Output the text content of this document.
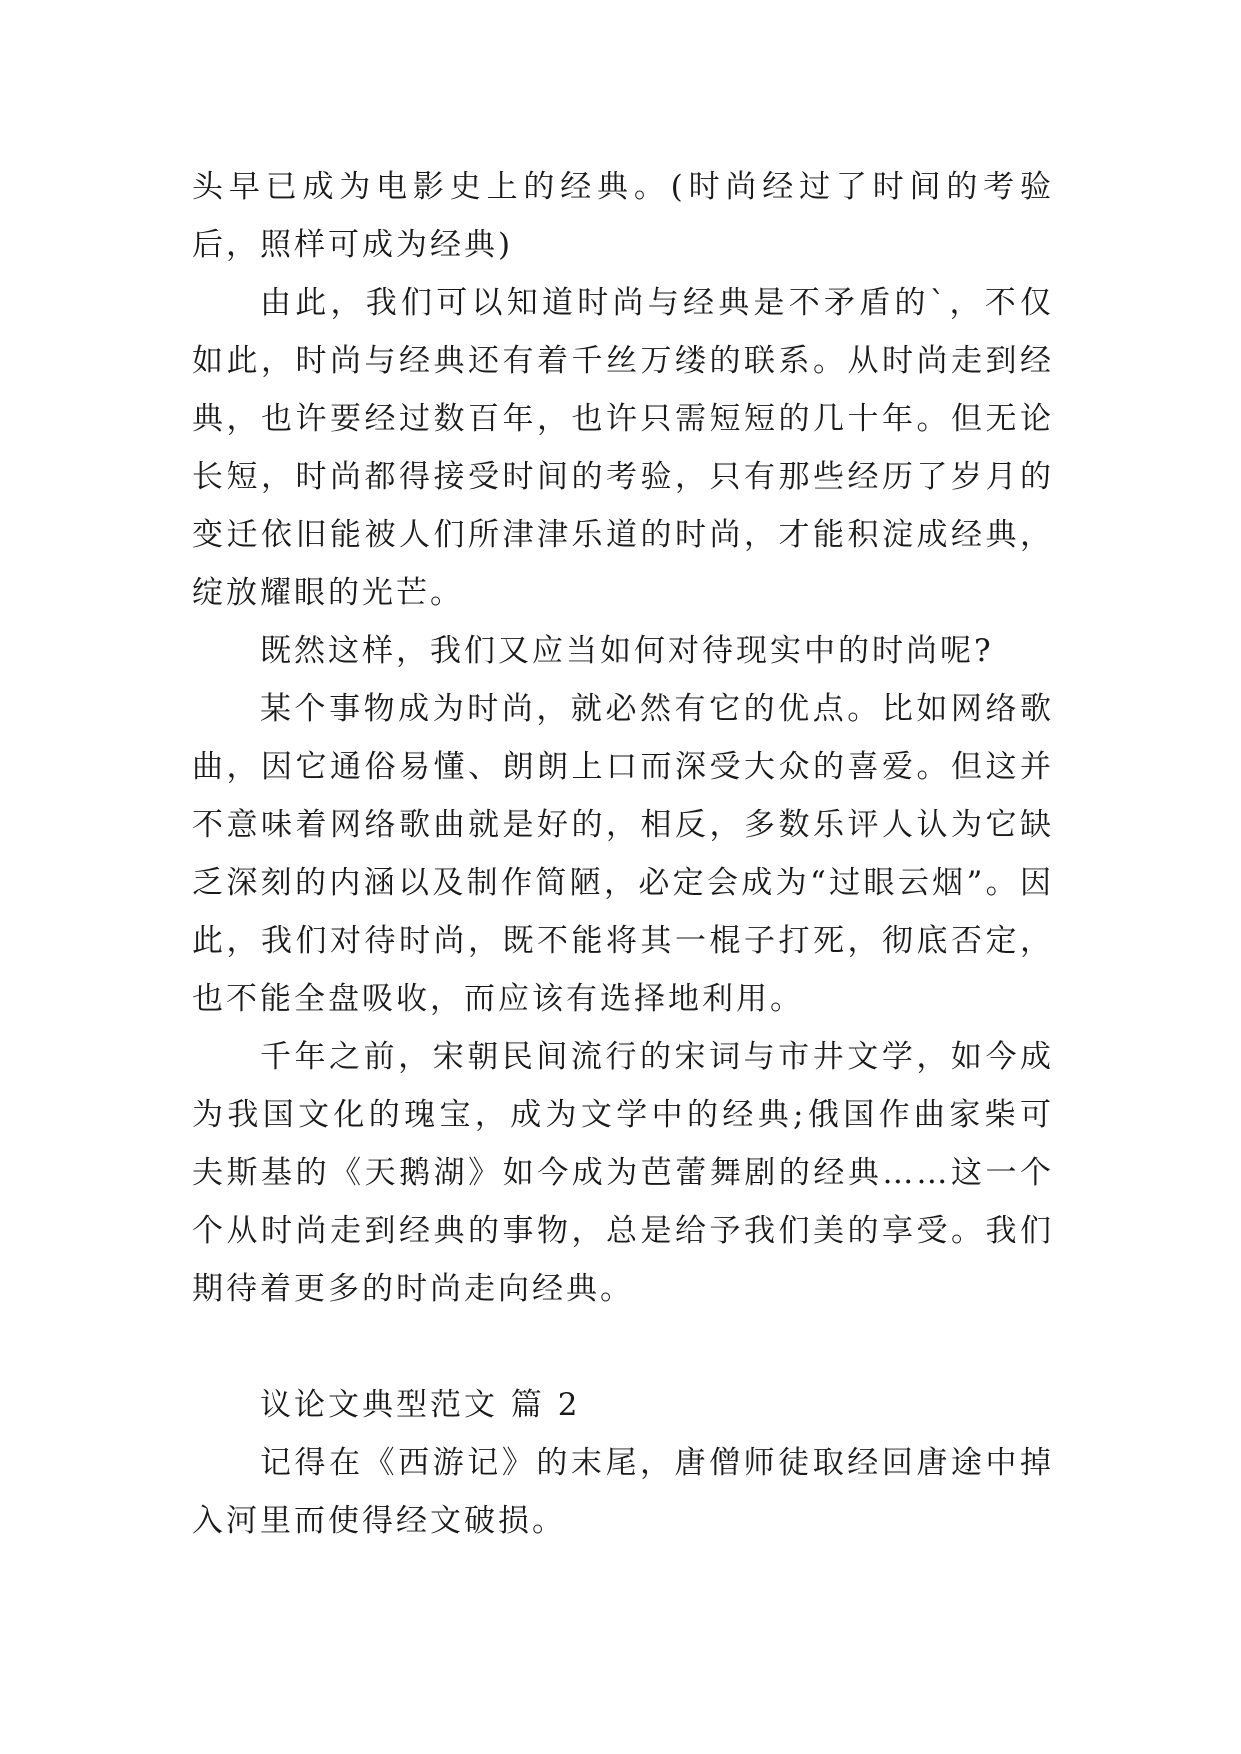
头早已成为电影史上的经典。(时尚经过了时间的考验后，照样可成为经典)

由此，我们可以知道时尚与经典是不矛盾的`，不仅如此，时尚与经典还有着千丝万缕的联系。从时尚走到经典，也许要经过数百年，也许只需短短的几十年。但无论长短，时尚都得接受时间的考验，只有那些经历了岁月的变迁依旧能被人们所津津乐道的时尚，才能积淀成经典，绽放耀眼的光芒。

既然这样，我们又应当如何对待现实中的时尚呢?

某个事物成为时尚，就必然有它的优点。比如网络歌曲，因它通俗易懂、朗朗上口而深受大众的喜爱。但这并不意味着网络歌曲就是好的，相反，多数乐评人认为它缺乏深刻的内涵以及制作简陋，必定会成为“过眼云烟”。因此，我们对待时尚，既不能将其一棍子打死，彻底否定，也不能全盘吸收，而应该有选择地利用。

千年之前，宋朝民间流行的宋词与市井文学，如今成为我国文化的瑰宝，成为文学中的经典;俄国作曲家柴可夫斯基的《天鹅湖》如今成为芭蕾舞剧的经典……这一个个从时尚走到经典的事物，总是给予我们美的享受。我们期待着更多的时尚走向经典。

议论文典型范文 篇 2

记得在《西游记》的末尾，唐僧师徒取经回唐途中掉入河里而使得经文破损。
